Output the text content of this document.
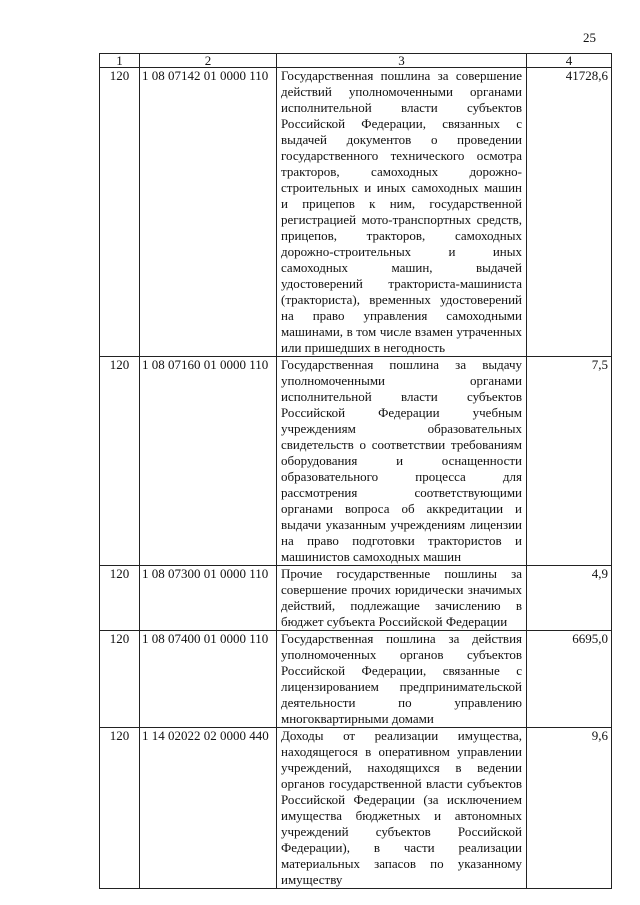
25
1	2	3	4
120	1 08 07142 01 0000 110	Государственная пошлина за совершение действий уполномоченными органами исполнительной власти субъектов Российской Федерации, связанных с выдачей документов о проведении государственного технического осмотра тракторов, самоходных дорожно-строительных и иных самоходных машин и прицепов к ним, государственной регистрацией мото-транспортных средств, прицепов, тракторов, самоходных дорожно-строительных и иных самоходных машин, выдачей удостоверений тракториста-машиниста (тракториста), временных удостоверений на право управления самоходными машинами, в том числе взамен утраченных или пришедших в негодность	41728,6
120	1 08 07160 01 0000 110	Государственная пошлина за выдачу уполномоченными органами исполнительной власти субъектов Российской Федерации учебным учреждениям образовательных свидетельств о соответствии требованиям оборудования и оснащенности образовательного процесса для рассмотрения соответствующими органами вопроса об аккредитации и выдачи указанным учреждениям лицензии на право подготовки трактористов и машинистов самоходных машин	7,5
120	1 08 07300 01 0000 110	Прочие государственные пошлины за совершение прочих юридически значимых действий, подлежащие зачислению в бюджет субъекта Российской Федерации	4,9
120	1 08 07400 01 0000 110	Государственная пошлина за действия уполномоченных органов субъектов Российской Федерации, связанные с лицензированием предпринимательской деятельности по управлению многоквартирными домами	6695,0
120	1 14 02022 02 0000 440	Доходы от реализации имущества, находящегося в оперативном управлении учреждений, находящихся в ведении органов государственной власти субъектов Российской Федерации (за исключением имущества бюджетных и автономных учреждений субъектов Российской Федерации), в части реализации материальных запасов по указанному имуществу	9,6
